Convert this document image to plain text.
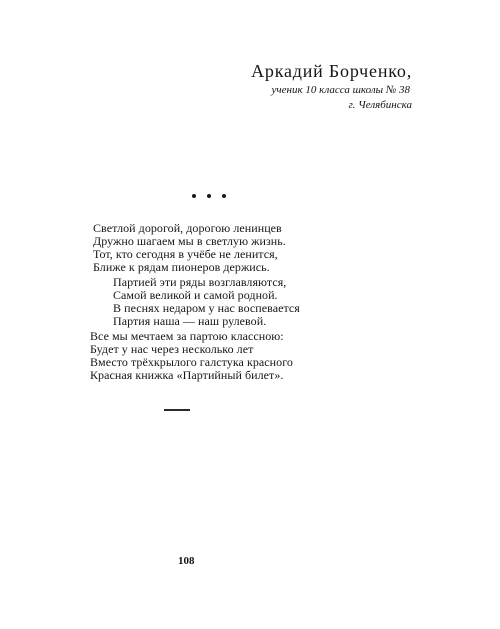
Аркадий Борченко,
ученик 10 класса школы № 38
г. Челябинска
Светлой дорогой, дорогою ленинцев
Дружно шагаем мы в светлую жизнь.
Тот, кто сегодня в учёбе не ленится,
Ближе к рядам пионеров держись.
Партией эти ряды возглавляются,
Самой великой и самой родной.
В песнях недаром у нас воспевается
Партия наша — наш рулевой.
Все мы мечтаем за партою классною:
Будет у нас через несколько лет
Вместо трёхкрылого галстука красного
Красная книжка «Партийный билет».
108
